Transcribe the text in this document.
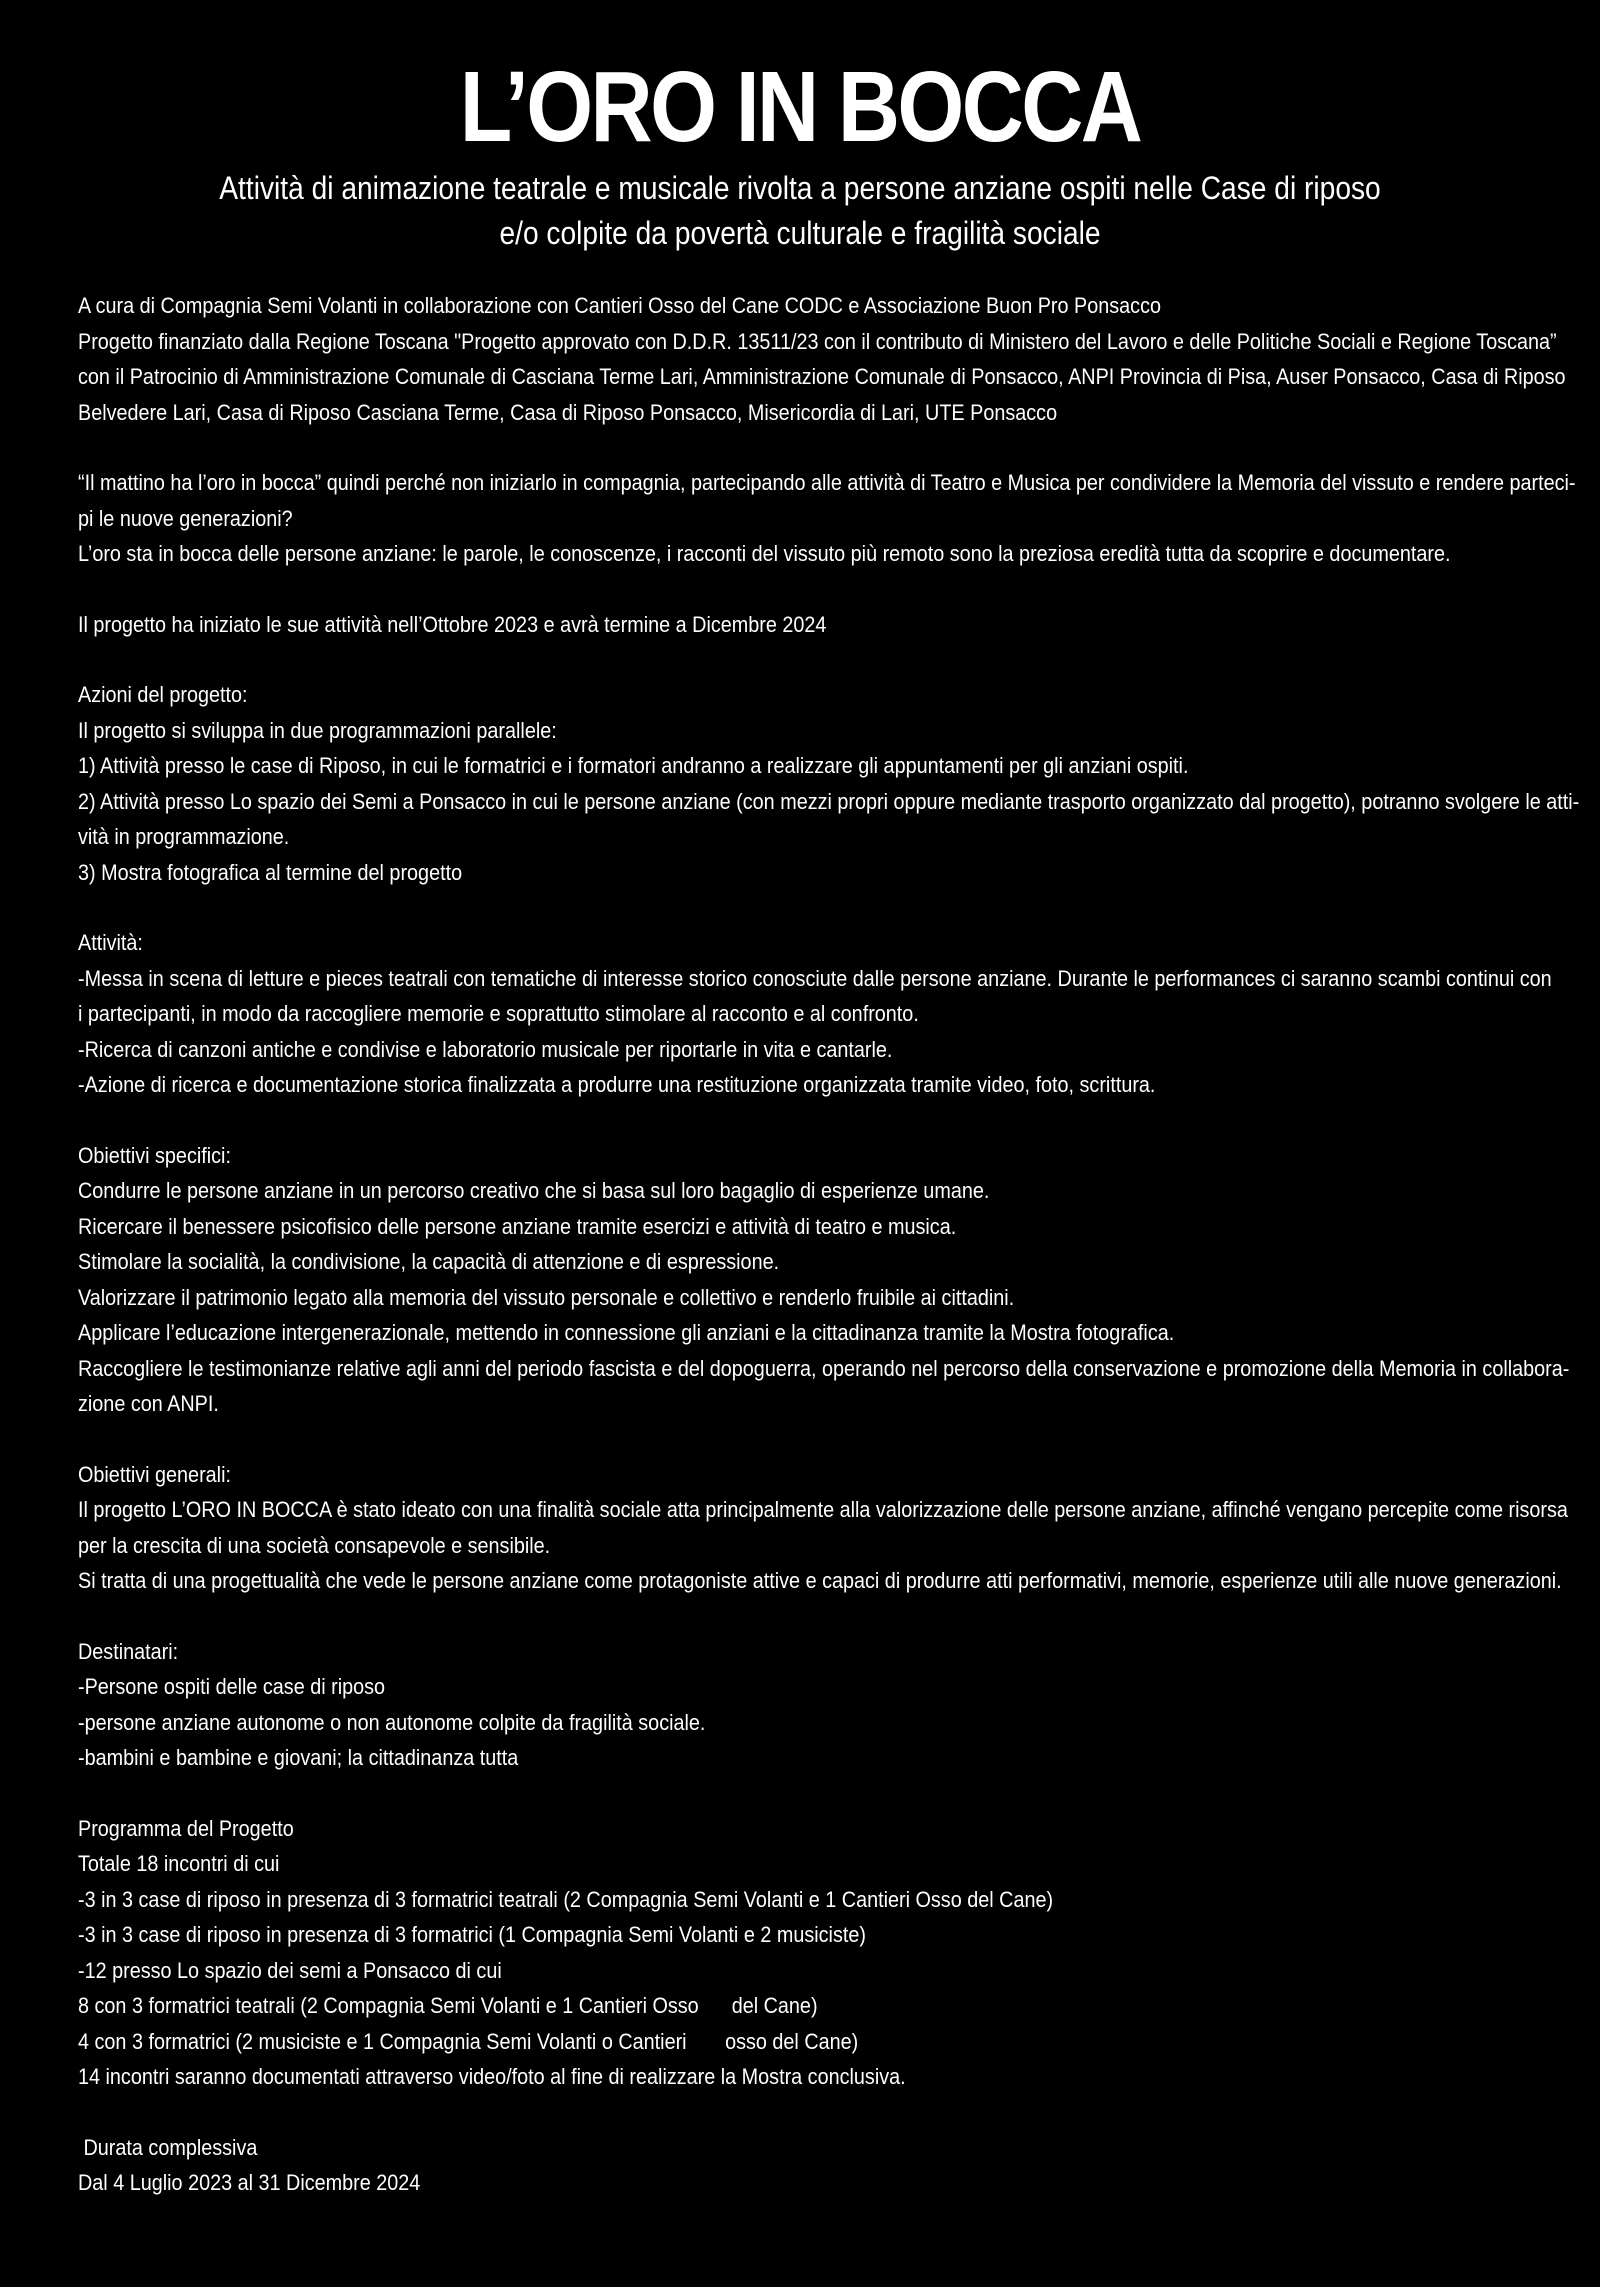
L’ORO IN BOCCA
Attività di animazione teatrale e musicale rivolta a persone anziane ospiti nelle Case di riposo
e/o colpite da povertà culturale e fragilità sociale
A cura di Compagnia Semi Volanti in collaborazione con Cantieri Osso del Cane CODC e Associazione Buon Pro Ponsacco
Progetto finanziato dalla Regione Toscana "Progetto approvato con D.D.R. 13511/23 con il contributo di Ministero del Lavoro e delle Politiche Sociali e Regione Toscana”
con il Patrocinio di Amministrazione Comunale di Casciana Terme Lari, Amministrazione Comunale di Ponsacco, ANPI Provincia di Pisa, Auser Ponsacco, Casa di Riposo
Belvedere Lari, Casa di Riposo Casciana Terme, Casa di Riposo Ponsacco, Misericordia di Lari, UTE Ponsacco
“Il mattino ha l’oro in bocca” quindi perché non iniziarlo in compagnia, partecipando alle attività di Teatro e Musica per condividere la Memoria del vissuto e rendere parteci-
pi le nuove generazioni?
L’oro sta in bocca delle persone anziane: le parole, le conoscenze, i racconti del vissuto più remoto sono la preziosa eredità tutta da scoprire e documentare.
Il progetto ha iniziato le sue attività nell’Ottobre 2023 e avrà termine a Dicembre 2024
Azioni del progetto:
Il progetto si sviluppa in due programmazioni parallele:
1) Attività presso le case di Riposo, in cui le formatrici e i formatori andranno a realizzare gli appuntamenti per gli anziani ospiti.
2) Attività presso Lo spazio dei Semi a Ponsacco in cui le persone anziane (con mezzi propri oppure mediante trasporto organizzato dal progetto), potranno svolgere le atti-
vità in programmazione.
3) Mostra fotografica al termine del progetto
Attività:
-Messa in scena di letture e pieces teatrali con tematiche di interesse storico conosciute dalle persone anziane. Durante le performances ci saranno scambi continui con
i partecipanti, in modo da raccogliere memorie e soprattutto stimolare al racconto e al confronto.
-Ricerca di canzoni antiche e condivise e laboratorio musicale per riportarle in vita e cantarle.
-Azione di ricerca e documentazione storica finalizzata a produrre una restituzione organizzata tramite video, foto, scrittura.
Obiettivi specifici:
Condurre le persone anziane in un percorso creativo che si basa sul loro bagaglio di esperienze umane.
Ricercare il benessere psicofisico delle persone anziane tramite esercizi e attività di teatro e musica.
Stimolare la socialità, la condivisione, la capacità di attenzione e di espressione.
Valorizzare il patrimonio legato alla memoria del vissuto personale e collettivo e renderlo fruibile ai cittadini.
Applicare l’educazione intergenerazionale, mettendo in connessione gli anziani e la cittadinanza tramite la Mostra fotografica.
Raccogliere le testimonianze relative agli anni del periodo fascista e del dopoguerra, operando nel percorso della conservazione e promozione della Memoria in collabora-
zione con ANPI.
Obiettivi generali:
Il progetto L’ORO IN BOCCA è stato ideato con una finalità sociale atta principalmente alla valorizzazione delle persone anziane, affinché vengano percepite come risorsa
per la crescita di una società consapevole e sensibile.
Si tratta di una progettualità che vede le persone anziane come protagoniste attive e capaci di produrre atti performativi, memorie, esperienze utili alle nuove generazioni.
Destinatari:
-Persone ospiti delle case di riposo
-persone anziane autonome o non autonome colpite da fragilità sociale.
-bambini e bambine e giovani; la cittadinanza tutta
Programma del Progetto
Totale 18 incontri di cui
-3 in 3 case di riposo in presenza di 3 formatrici teatrali (2 Compagnia Semi Volanti e 1 Cantieri Osso del Cane)
-3 in 3 case di riposo in presenza di 3 formatrici (1 Compagnia Semi Volanti e 2 musiciste)
-12 presso Lo spazio dei semi a Ponsacco di cui
8 con 3 formatrici teatrali (2 Compagnia Semi Volanti e 1 Cantieri Osso      del Cane)
4 con 3 formatrici (2 musiciste e 1 Compagnia Semi Volanti o Cantieri       osso del Cane)
14 incontri saranno documentati attraverso video/foto al fine di realizzare la Mostra conclusiva.
Durata complessiva
Dal 4 Luglio 2023 al 31 Dicembre 2024
